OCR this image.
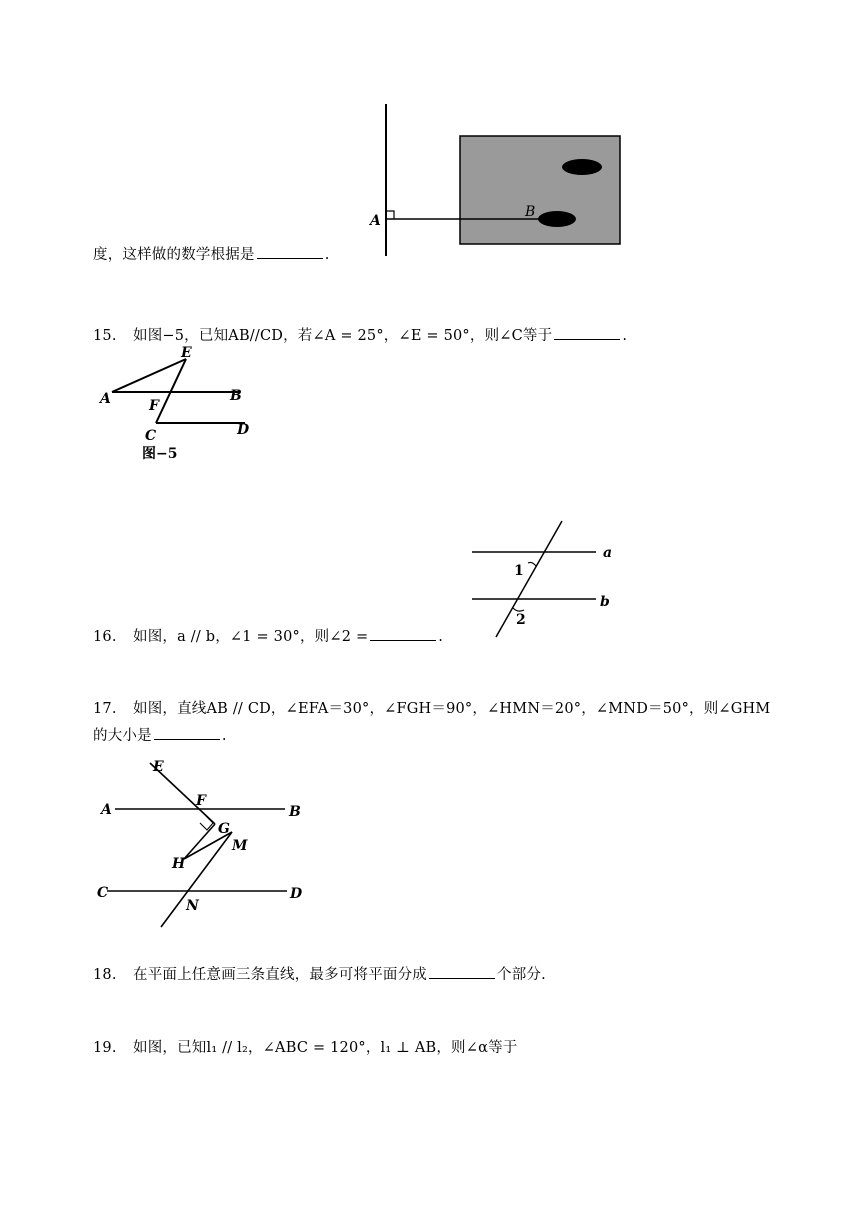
A
B
度，这样做的数学根据是	.
15. 如图−5，已知AB//CD，若∠A = 25°，∠E = 50°，则∠C等于	.
E
A	F
B
C	D
图−5
a
b
1
2
16. 如图，a // b，∠1 = 30°，则∠2 =	.
17. 如图，直线AB // CD，∠EFA＝30°，∠FGH＝90°，∠HMN＝20°，∠MND＝50°，则∠GHM
的大小是	.
E
A
F
B
G
M
H
C
N
D
18. 在平面上任意画三条直线，最多可将平面分成	个部分.
19. 如图，已知l₁ // l₂，∠ABC = 120°，l₁ ⊥ AB，则∠α等于
